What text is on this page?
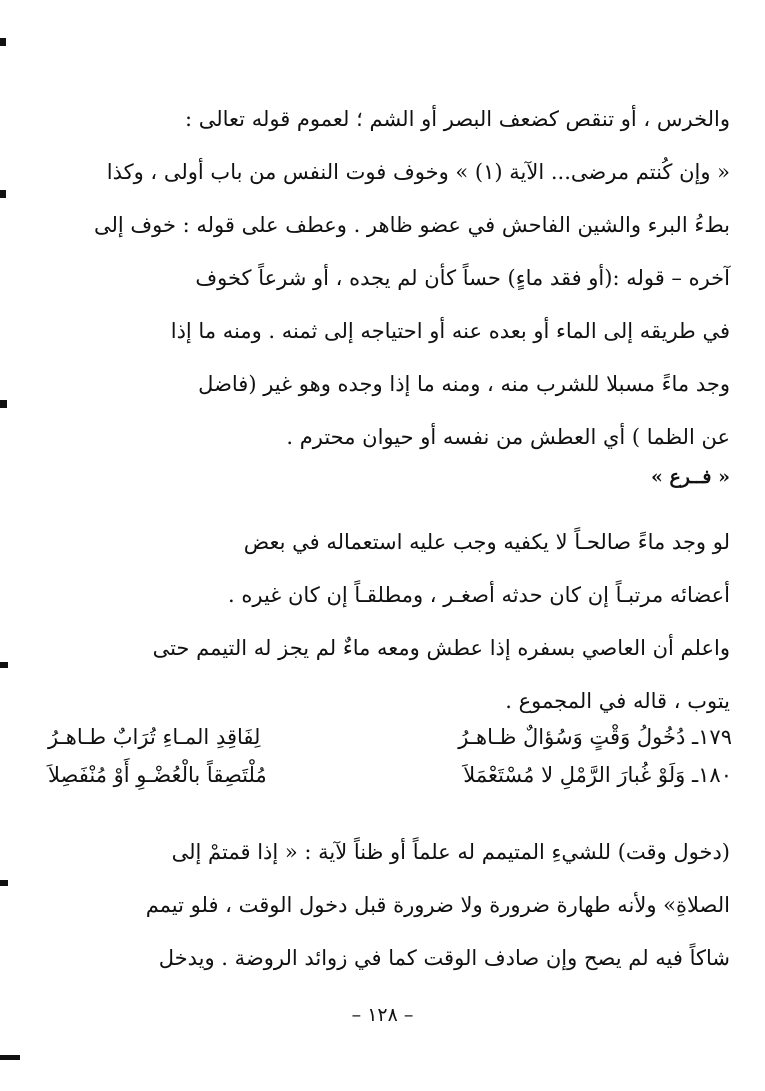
والخرس ، أو تنقص كضعف البصر أو الشم ؛ لعموم قوله تعالى :
« وإن كُنتم مرضى... الآية (١) » وخوف فوت النفس من باب أولى ، وكذا
بطءُ البرء والشين الفاحش في عضو ظاهر . وعطف على قوله : خوف إلى
آخره – قوله :(أو فقد ماءٍ) حساً كأن لم يجده ، أو شرعاً كخوف
في طريقه إلى الماء أو بعده عنه أو احتياجه إلى ثمنه . ومنه ما إذا
وجد ماءً مسبلا للشرب منه ، ومنه ما إذا وجده وهو غير (فاضل
عن الظما ) أي العطش من نفسه أو حيوان محترم .
« فــرع »
لو وجد ماءً صالحـاً لا يكفيه وجب عليه استعماله في بعض
أعضائه مرتبـاً إن كان حدثه أصغـر ، ومطلقـاً إن كان غيره .
واعلم أن العاصي بسفره إذا عطش ومعه ماءٌ لم يجز له التيمم حتى
يتوب ، قاله في المجموع .
١٧٩ـ دُخُولُ وَقْتٍ وَسُؤالٌ ظـاهـرُ
لِفَاقِدِ المـاءِ تُرَابٌ طـاهـرُ
١٨٠ـ وَلَوْ غُبارَ الرَّمْلِ لا مُسْتَعْمَلاَ
مُلْتَصِقاً بالْعُضْـوِ أَوْ مُنْفَصِلاَ
(دخول وقت) للشيءِ المتيمم له علماً أو ظناً لآية : « إذا قمتمْ إلى
الصلاةِ» ولأنه طهارة ضرورة ولا ضرورة قبل دخول الوقت ، فلو تيمم
شاكاً فيه لم يصح وإن صادف الوقت كما في زوائد الروضة . ويدخل
– ١٢٨ –
